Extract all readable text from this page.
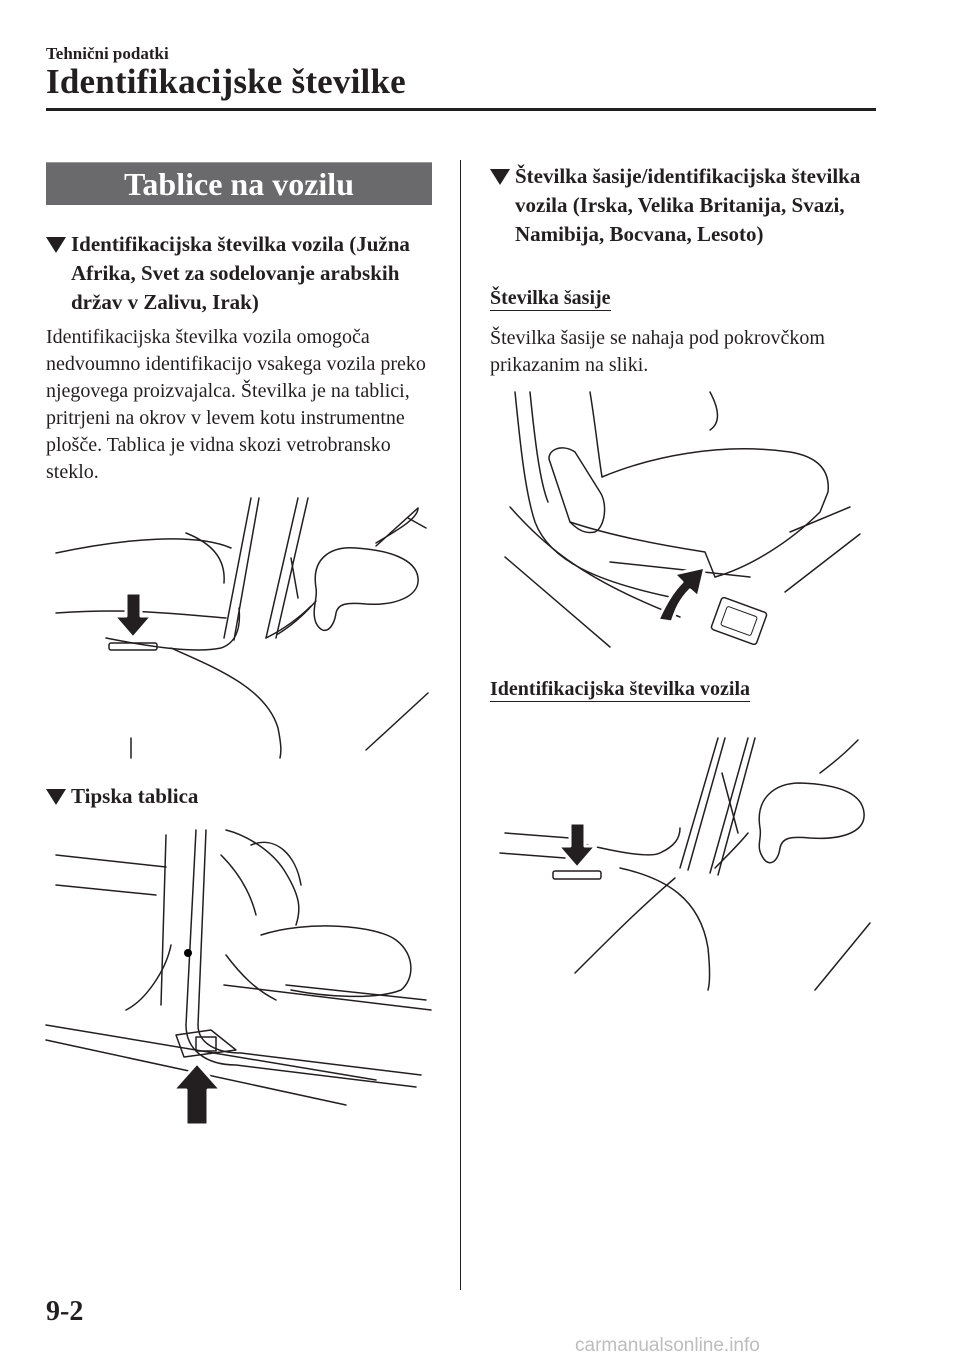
Tehnični podatki
Identifikacijske številke
Tablice na vozilu
Identifikacijska številka vozila (Južna Afrika, Svet za sodelovanje arabskih držav v Zalivu, Irak)
Identifikacijska številka vozila omogoča nedvoumno identifikacijo vsakega vozila preko njegovega proizvajalca. Številka je na tablici, pritrjeni na okrov v levem kotu instrumentne plošče. Tablica je vidna skozi vetrobransko steklo.
Tipska tablica
Številka šasije/identifikacijska številka vozila (Irska, Velika Britanija, Svazi, Namibija, Bocvana, Lesoto)
Številka šasije
Številka šasije se nahaja pod pokrovčkom prikazanim na sliki.
Identifikacijska številka vozila
9-2
carmanualsonline.info
